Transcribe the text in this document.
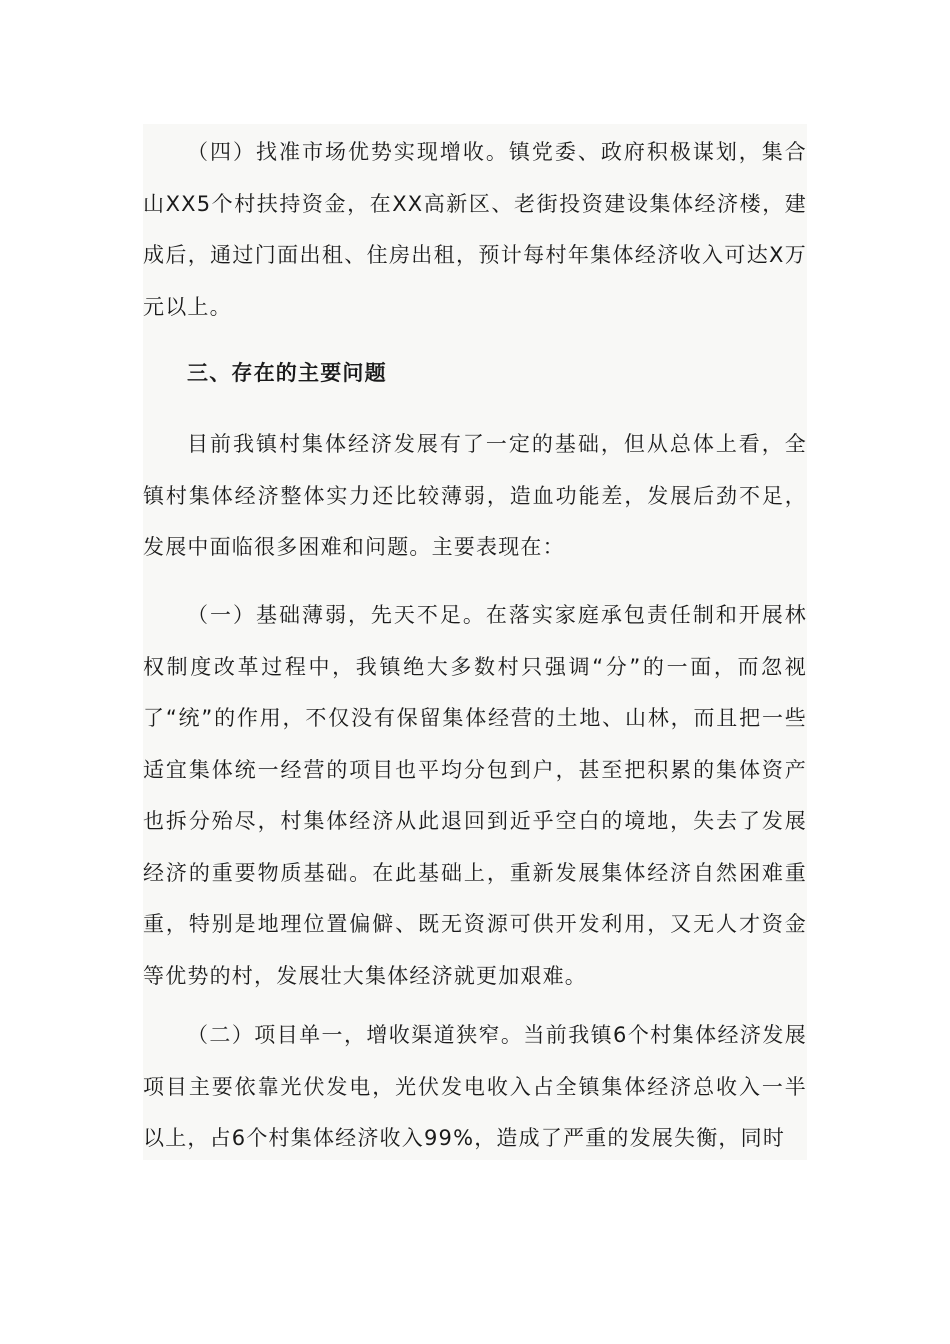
（四）找准市场优势实现增收。镇党委、政府积极谋划，集合山XX5个村扶持资金，在XX高新区、老街投资建设集体经济楼，建成后，通过门面出租、住房出租，预计每村年集体经济收入可达X万元以上。

三、存在的主要问题

目前我镇村集体经济发展有了一定的基础，但从总体上看，全镇村集体经济整体实力还比较薄弱，造血功能差，发展后劲不足，发展中面临很多困难和问题。主要表现在：

（一）基础薄弱，先天不足。在落实家庭承包责任制和开展林权制度改革过程中，我镇绝大多数村只强调“分”的一面，而忽视了“统”的作用，不仅没有保留集体经营的土地、山林，而且把一些适宜集体统一经营的项目也平均分包到户，甚至把积累的集体资产也拆分殆尽，村集体经济从此退回到近乎空白的境地，失去了发展经济的重要物质基础。在此基础上，重新发展集体经济自然困难重重，特别是地理位置偏僻、既无资源可供开发利用，又无人才资金等优势的村，发展壮大集体经济就更加艰难。

（二）项目单一，增收渠道狭窄。当前我镇6个村集体经济发展项目主要依靠光伏发电，光伏发电收入占全镇集体经济总收入一半以上，占6个村集体经济收入99%，造成了严重的发展失衡，同时
